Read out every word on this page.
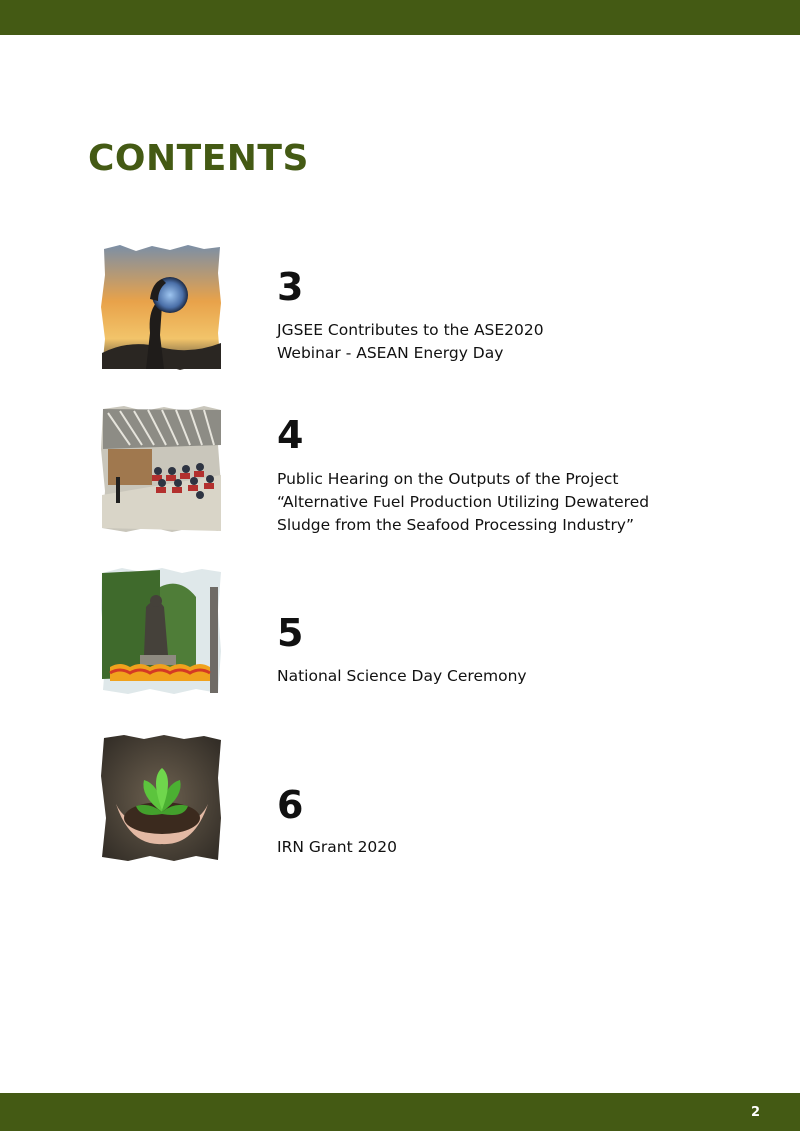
CONTENTS
3

JGSEE Contributes to the ASE2020
Webinar - ASEAN Energy Day

4

Public Hearing on the Outputs of the Project
“Alternative Fuel Production Utilizing Dewatered
Sludge from the Seafood Processing Industry”

5

National Science Day Ceremony

6

IRN Grant 2020

2
